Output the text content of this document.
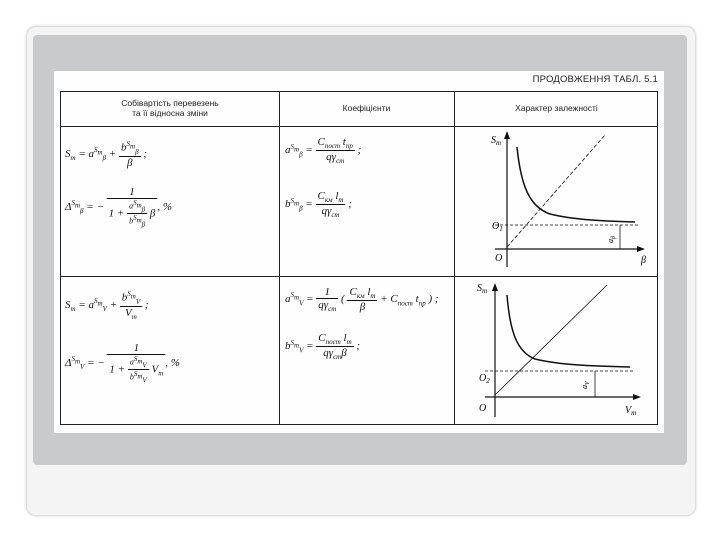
ПРОДОВЖЕННЯ ТАБЛ. 5.1
Собівартість перевезень
та її відносна зміни	Коефіцієнти	Характер залежності
$S_m = a^{S_m}_\beta + \frac{b^{S_m}_\beta}{\beta}$ ;
$\Delta^{S_m}_\beta$ = − $\frac{1}{1 + \frac{a^{S_m}_\beta}{b^{S_m}_\beta} \beta}$ , %
$a^{S_m}_\beta = \frac{C_{пост} t_{пр}}{q\gamma_{ст}}$ ;
$b^{S_m}_\beta = \frac{C_{км} l_m}{q\gamma_{ст}}$ ;
$S_m = a^{S_m}_V + \frac{b^{S_m}_V}{V_m}$ ;
$\Delta^{S_m}_V$ = − $\frac{1}{1 + \frac{a^{S_m}_V}{b^{S_m}_V} V_m}$ , %
$a^{S_m}_V = \frac{1}{q\gamma_{ст}}$ ( $\frac{C_{км} l_m}{\beta} + C_{пост}$ $t_{пр}$ ) ;
$b^{S_m}_V = \frac{C_{пост} l_m}{q\gamma_{ст}\beta}$ ;
$S_m$
β
O
$O_1$
$a_\beta$
$S_m$
$V_m$
O
$O_2$
$a_V$
